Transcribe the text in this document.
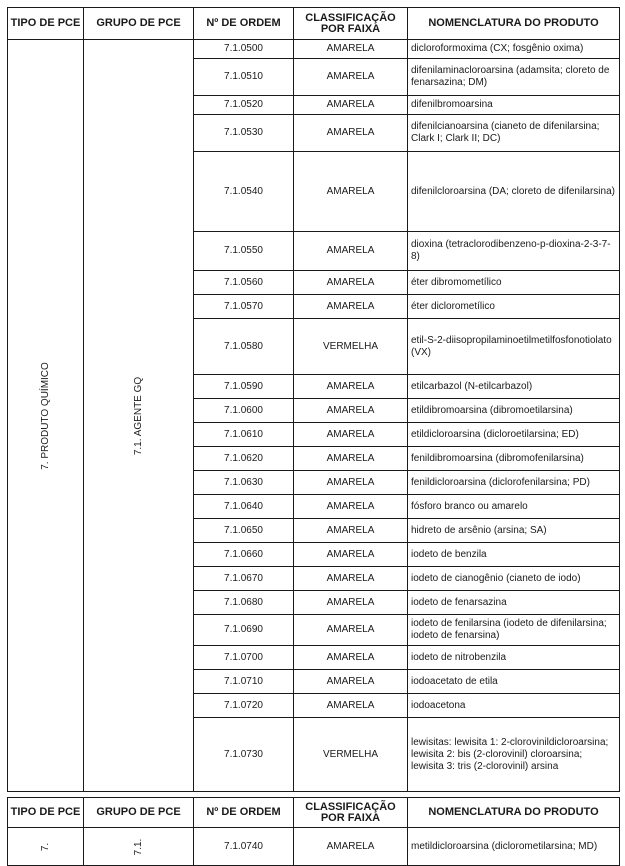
TIPO DE PCE	GRUPO DE PCE	Nº DE ORDEM	CLASSIFICAÇÃO POR FAIXA	NOMENCLATURA DO PRODUTO

7. PRODUTO QUÍMICO	7.1. AGENTE GQ	7.1.0500	AMARELA	dicloroformoxima (CX; fosgênio oxima)
		7.1.0510	AMARELA	difenilaminacloroarsina (adamsita; cloreto de fenarsazina; DM)
		7.1.0520	AMARELA	difenilbromoarsina
		7.1.0530	AMARELA	difenilcianoarsina (cianeto de difenilarsina; Clark I; Clark II; DC)
		7.1.0540	AMARELA	difenilcloroarsina (DA; cloreto de difenilarsina)
		7.1.0550	AMARELA	dioxina (tetraclorodibenzeno-p-dioxina-2-3-7-8)
		7.1.0560	AMARELA	éter dibromometílico
		7.1.0570	AMARELA	éter diclorometílico
		7.1.0580	VERMELHA	etil-S-2-diisopropilaminoetilmetilfosfonotiolato (VX)
		7.1.0590	AMARELA	etilcarbazol (N-etilcarbazol)
		7.1.0600	AMARELA	etildibromoarsina (dibromoetilarsina)
		7.1.0610	AMARELA	etildicloroarsina (dicloroetilarsina; ED)
		7.1.0620	AMARELA	fenildibromoarsina (dibromofenilarsina)
		7.1.0630	AMARELA	fenildicloroarsina (diclorofenilarsina; PD)
		7.1.0640	AMARELA	fósforo branco ou amarelo
		7.1.0650	AMARELA	hidreto de arsênio (arsina; SA)
		7.1.0660	AMARELA	iodeto de benzila
		7.1.0670	AMARELA	iodeto de cianogênio (cianeto de iodo)
		7.1.0680	AMARELA	iodeto de fenarsazina
		7.1.0690	AMARELA	iodeto de fenilarsina (iodeto de difenilarsina; iodeto de fenarsina)
		7.1.0700	AMARELA	iodeto de nitrobenzila
		7.1.0710	AMARELA	iodoacetato de etila
		7.1.0720	AMARELA	iodoacetona
		7.1.0730	VERMELHA	lewisitas: lewisita 1: 2-clorovinildicloroarsina; lewisita 2: bis (2-clorovinil) cloroarsina; lewisita 3: tris (2-clorovinil) arsina
TIPO DE PCE	GRUPO DE PCE	Nº DE ORDEM	CLASSIFICAÇÃO POR FAIXA	NOMENCLATURA DO PRODUTO

7.	7.1.	7.1.0740	AMARELA	metildicloroarsina (diclorometilarsina; MD)
